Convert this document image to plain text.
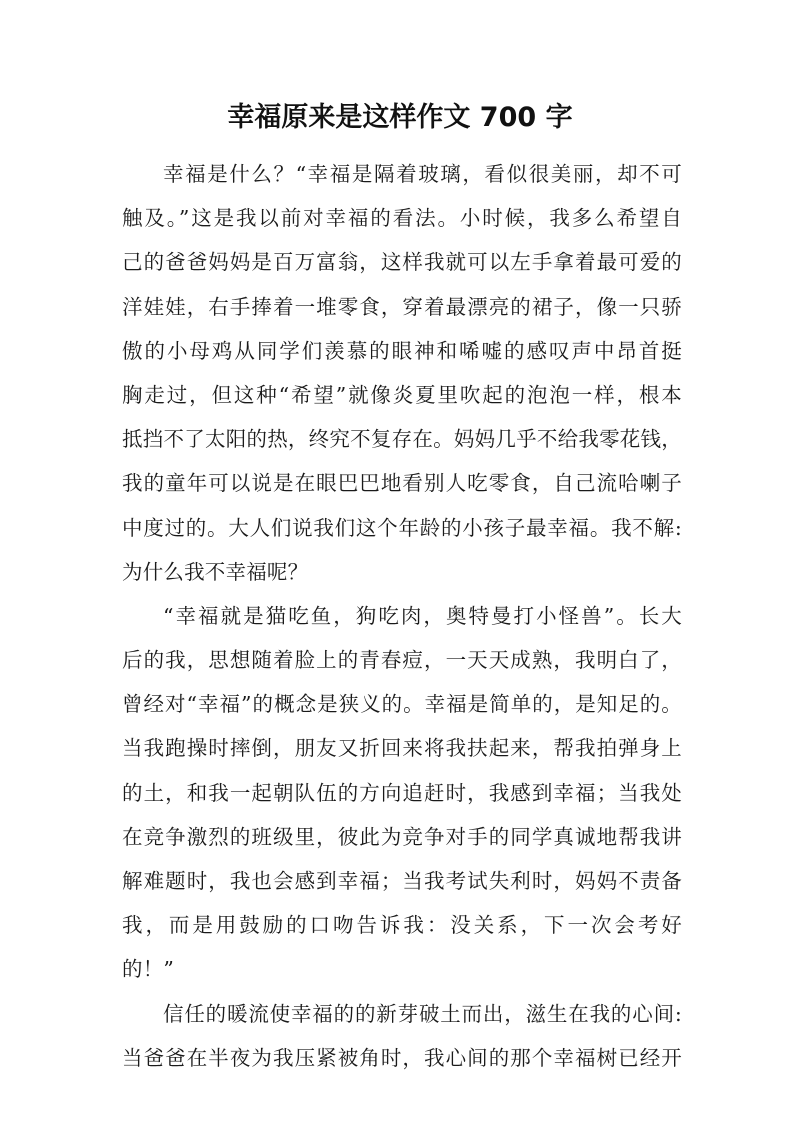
幸福原来是这样作文 700 字
幸福是什么？“幸福是隔着玻璃，看似很美丽，却不可
触及。”这是我以前对幸福的看法。小时候，我多么希望自
己的爸爸妈妈是百万富翁，这样我就可以左手拿着最可爱的
洋娃娃，右手捧着一堆零食，穿着最漂亮的裙子，像一只骄
傲的小母鸡从同学们羡慕的眼神和唏嘘的感叹声中昂首挺
胸走过，但这种“希望”就像炎夏里吹起的泡泡一样，根本
抵挡不了太阳的热，终究不复存在。妈妈几乎不给我零花钱，
我的童年可以说是在眼巴巴地看别人吃零食，自己流哈喇子
中度过的。大人们说我们这个年龄的小孩子最幸福。我不解:
为什么我不幸福呢？
“幸福就是猫吃鱼，狗吃肉，奥特曼打小怪兽”。长大
后的我，思想随着脸上的青春痘，一天天成熟，我明白了，
曾经对“幸福”的概念是狭义的。幸福是简单的，是知足的。
当我跑操时摔倒，朋友又折回来将我扶起来，帮我拍弹身上
的土，和我一起朝队伍的方向追赶时，我感到幸福；当我处
在竞争激烈的班级里，彼此为竞争对手的同学真诚地帮我讲
解难题时，我也会感到幸福；当我考试失利时，妈妈不责备
我，而是用鼓励的口吻告诉我：没关系，下一次会考好
的！”
信任的暖流使幸福的的新芽破土而出，滋生在我的心间:
当爸爸在半夜为我压紧被角时，我心间的那个幸福树已经开
